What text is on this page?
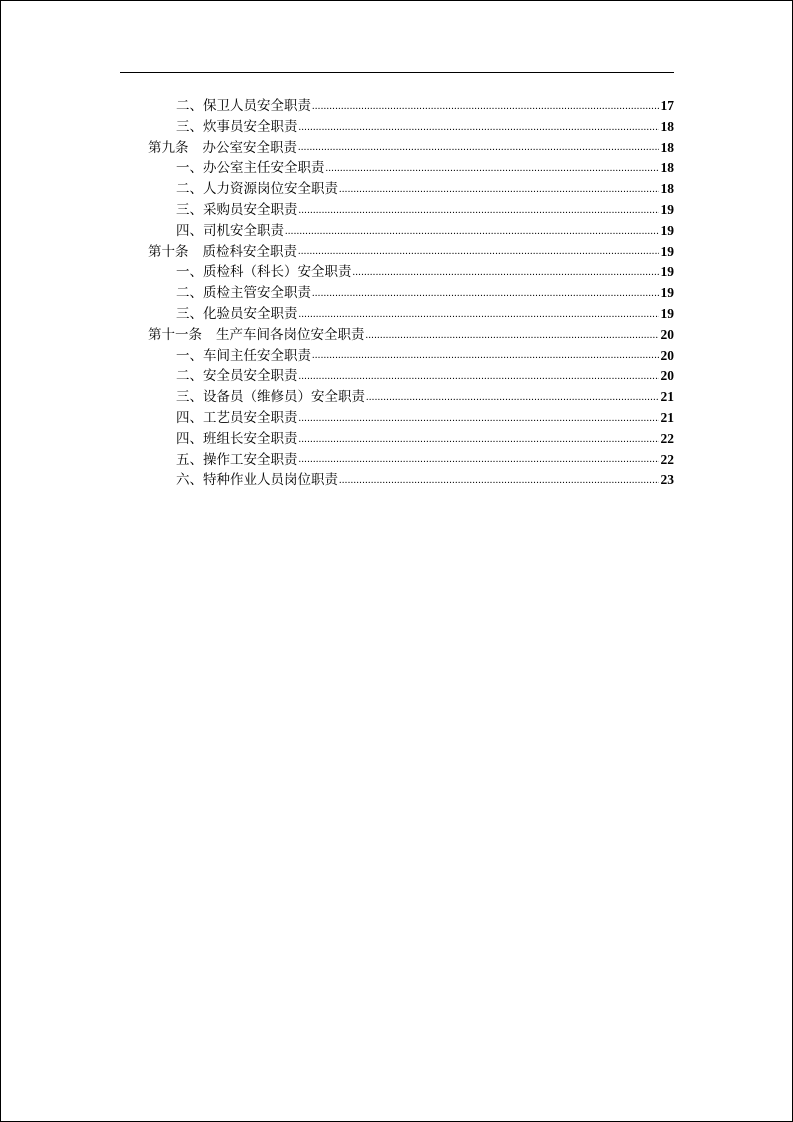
二、保卫人员安全职责 .....	17
三、炊事员安全职责 .....	18
第九条 办公室安全职责 .....	18
一、办公室主任安全职责 .....	18
二、人力资源岗位安全职责 .....	18
三、采购员安全职责 .....	19
四、司机安全职责 .....	19
第十条 质检科安全职责 .....	19
一、质检科（科长）安全职责 .....	19
二、质检主管安全职责 .....	19
三、化验员安全职责 .....	19
第十一条 生产车间各岗位安全职责 .....	20
一、车间主任安全职责 .....	20
二、安全员安全职责 .....	20
三、设备员（维修员）安全职责 .....	21
四、工艺员安全职责 .....	21
四、班组长安全职责 .....	22
五、操作工安全职责 .....	22
六、特种作业人员岗位职责 .....	23
